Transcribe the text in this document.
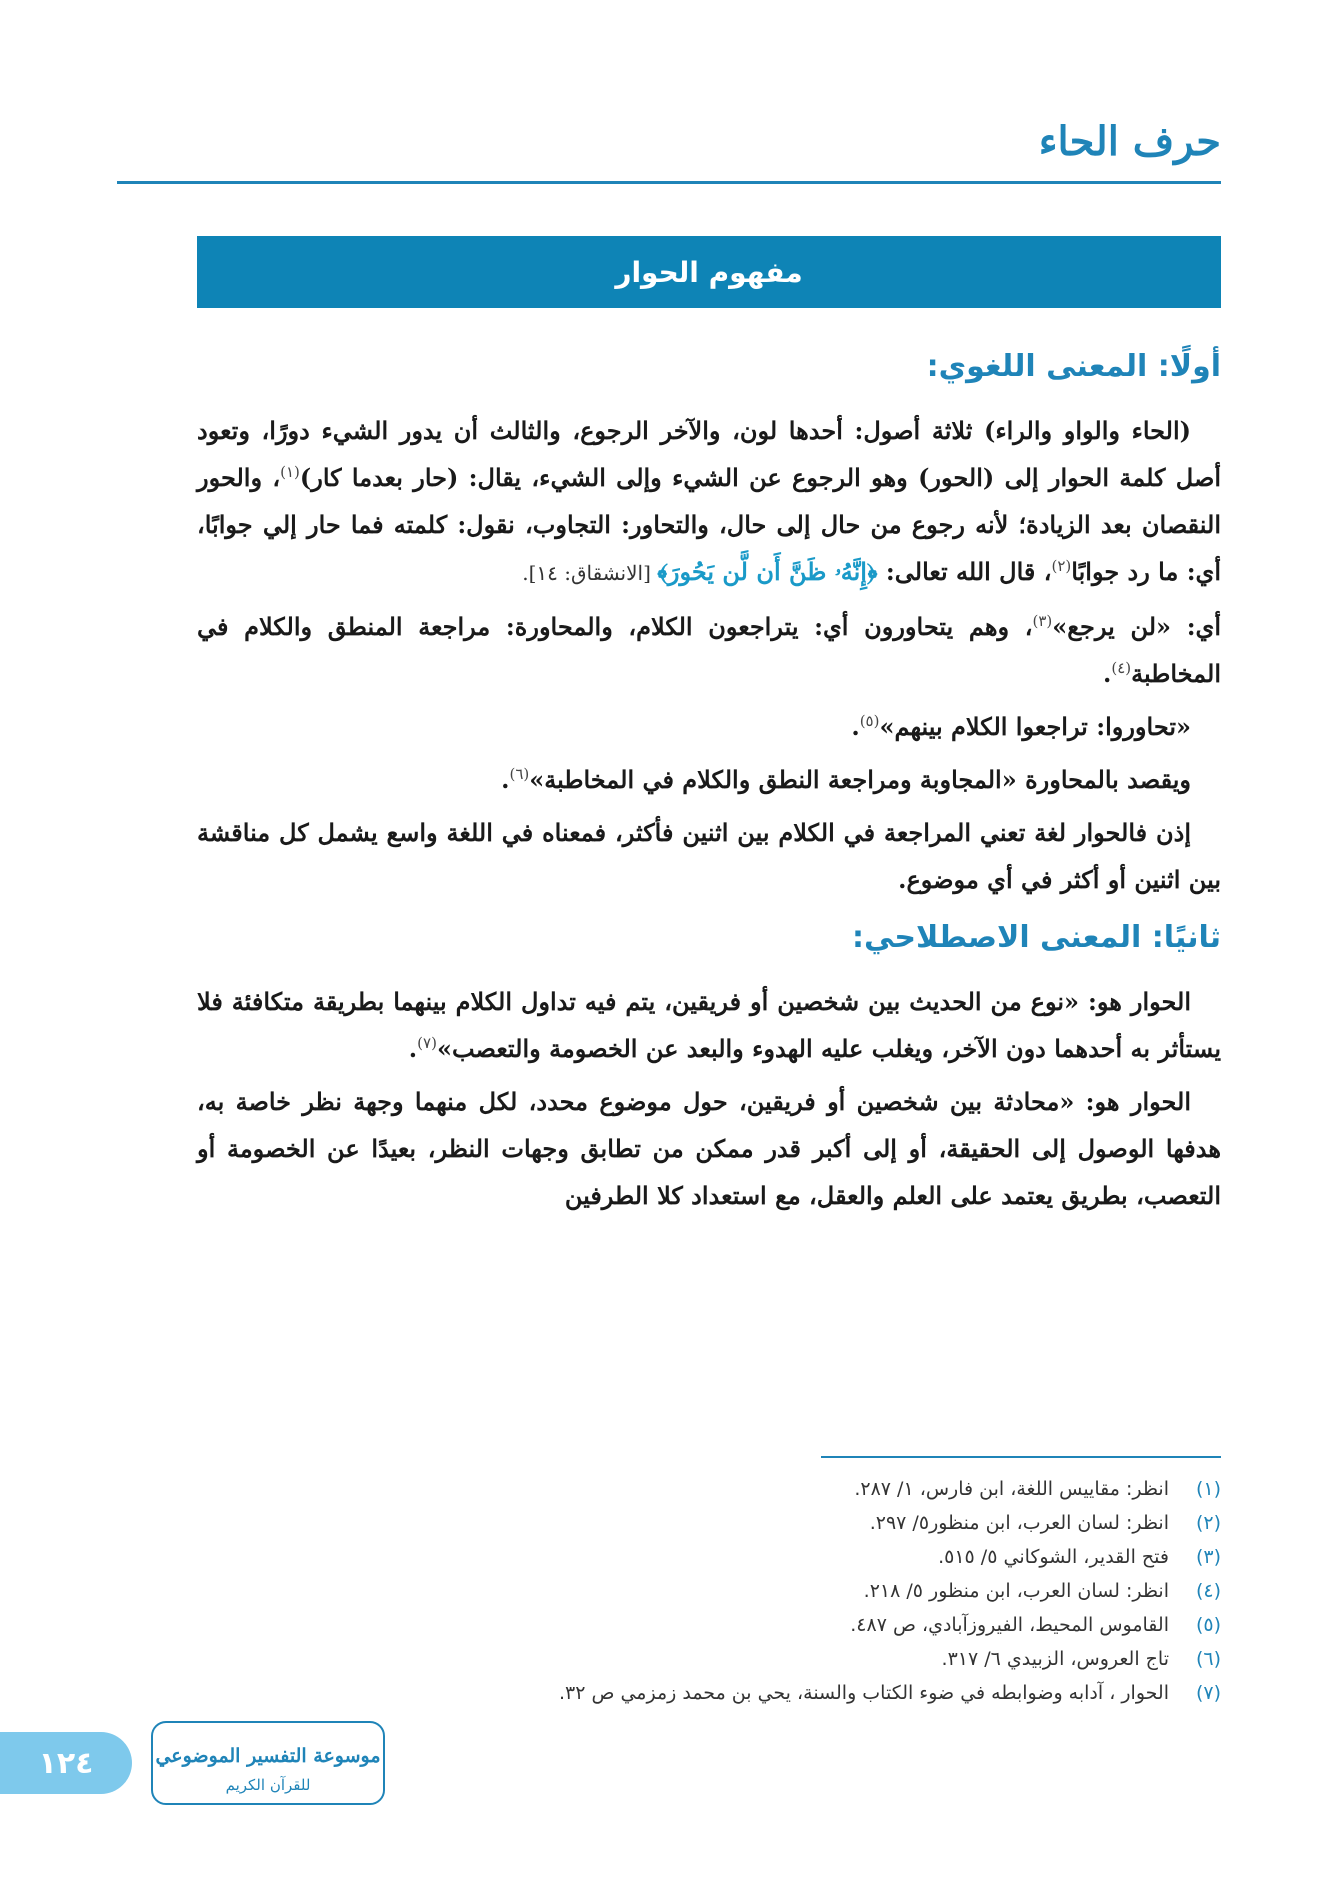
حرف الحاء
مفهوم الحوار
أولًا: المعنى اللغوي:

(الحاء والواو والراء) ثلاثة أصول: أحدها لون، والآخر الرجوع، والثالث أن يدور الشيء دورًا، وتعود أصل كلمة الحوار إلى (الحور) وهو الرجوع عن الشيء وإلى الشيء، يقال: (حار بعدما كار)$^{(١)}$، والحور النقصان بعد الزيادة؛ لأنه رجوع من حال إلى حال، والتحاور: التجاوب، نقول: كلمته فما حار إلي جوابًا، أي: ما رد جوابًا$^{(٢)}$، قال الله تعالى: ﴿إِنَّهُۥ ظَنَّ أَن لَّن يَحُورَ﴾ [الانشقاق: ١٤].

أي: «لن يرجع»$^{(٣)}$، وهم يتحاورون أي: يتراجعون الكلام، والمحاورة: مراجعة المنطق والكلام في المخاطبة$^{(٤)}$.

«تحاوروا: تراجعوا الكلام بينهم»$^{(٥)}$.

ويقصد بالمحاورة «المجاوبة ومراجعة النطق والكلام في المخاطبة»$^{(٦)}$.

إذن فالحوار لغة تعني المراجعة في الكلام بين اثنين فأكثر، فمعناه في اللغة واسع يشمل كل مناقشة بين اثنين أو أكثر في أي موضوع.

ثانيًا: المعنى الاصطلاحي:

الحوار هو: «نوع من الحديث بين شخصين أو فريقين، يتم فيه تداول الكلام بينهما بطريقة متكافئة فلا يستأثر به أحدهما دون الآخر، ويغلب عليه الهدوء والبعد عن الخصومة والتعصب»$^{(٧)}$.

الحوار هو: «محادثة بين شخصين أو فريقين، حول موضوع محدد، لكل منهما وجهة نظر خاصة به، هدفها الوصول إلى الحقيقة، أو إلى أكبر قدر ممكن من تطابق وجهات النظر، بعيدًا عن الخصومة أو التعصب، بطريق يعتمد على العلم والعقل، مع استعداد كلا الطرفين

(١)
انظر: مقاييس اللغة، ابن فارس، ١/ ٢٨٧.
(٢)
انظر: لسان العرب، ابن منظور٥/ ٢٩٧.
(٣)
فتح القدير، الشوكاني ٥/ ٥١٥.
(٤)
انظر: لسان العرب، ابن منظور ٥/ ٢١٨.
(٥)
القاموس المحيط، الفيروزآبادي، ص ٤٨٧.
(٦)
تاج العروس، الزبيدي ٦/ ٣١٧.
(٧)
الحوار ، آدابه وضوابطه في ضوء الكتاب والسنة، يحي بن محمد زمزمي ص ٣٢.
١٢٤	موسوعة التفسير الموضوعي
للقرآن الكريم
